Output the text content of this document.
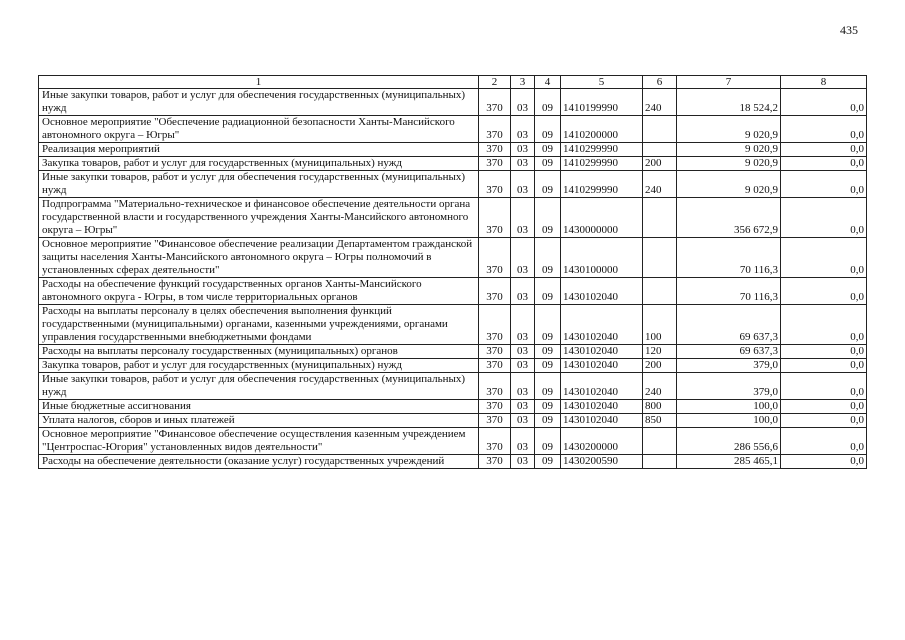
435
1	2	3	4	5	6	7	8
Иные закупки товаров, работ и услуг для обеспечения государственных (муниципальных) нужд	370	03	09	1410199990	240	18 524,2	0,0
Основное мероприятие "Обеспечение радиационной безопасности Ханты-Мансийского автономного округа – Югры"	370	03	09	1410200000		9 020,9	0,0
Реализация мероприятий	370	03	09	1410299990		9 020,9	0,0
Закупка товаров, работ и услуг для государственных (муниципальных) нужд	370	03	09	1410299990	200	9 020,9	0,0
Иные закупки товаров, работ и услуг для обеспечения государственных (муниципальных) нужд	370	03	09	1410299990	240	9 020,9	0,0
Подпрограмма "Материально-техническое и финансовое обеспечение деятельности органа государственной власти и государственного учреждения Ханты-Мансийского автономного округа – Югры"	370	03	09	1430000000		356 672,9	0,0
Основное мероприятие "Финансовое обеспечение реализации Департаментом гражданской защиты населения Ханты-Мансийского автономного округа – Югры полномочий в установленных сферах деятельности"	370	03	09	1430100000		70 116,3	0,0
Расходы на обеспечение функций государственных органов Ханты-Мансийского автономного округа - Югры, в том числе территориальных органов	370	03	09	1430102040		70 116,3	0,0
Расходы на выплаты персоналу в целях обеспечения выполнения функций государственными (муниципальными) органами, казенными учреждениями, органами управления государственными внебюджетными фондами	370	03	09	1430102040	100	69 637,3	0,0
Расходы на выплаты персоналу государственных (муниципальных) органов	370	03	09	1430102040	120	69 637,3	0,0
Закупка товаров, работ и услуг для государственных (муниципальных) нужд	370	03	09	1430102040	200	379,0	0,0
Иные закупки товаров, работ и услуг для обеспечения государственных (муниципальных) нужд	370	03	09	1430102040	240	379,0	0,0
Иные бюджетные ассигнования	370	03	09	1430102040	800	100,0	0,0
Уплата налогов, сборов и иных платежей	370	03	09	1430102040	850	100,0	0,0
Основное мероприятие "Финансовое обеспечение осуществления казенным учреждением "Центроспас-Югория" установленных видов деятельности"	370	03	09	1430200000		286 556,6	0,0
Расходы на обеспечение деятельности (оказание услуг) государственных учреждений	370	03	09	1430200590		285 465,1	0,0
